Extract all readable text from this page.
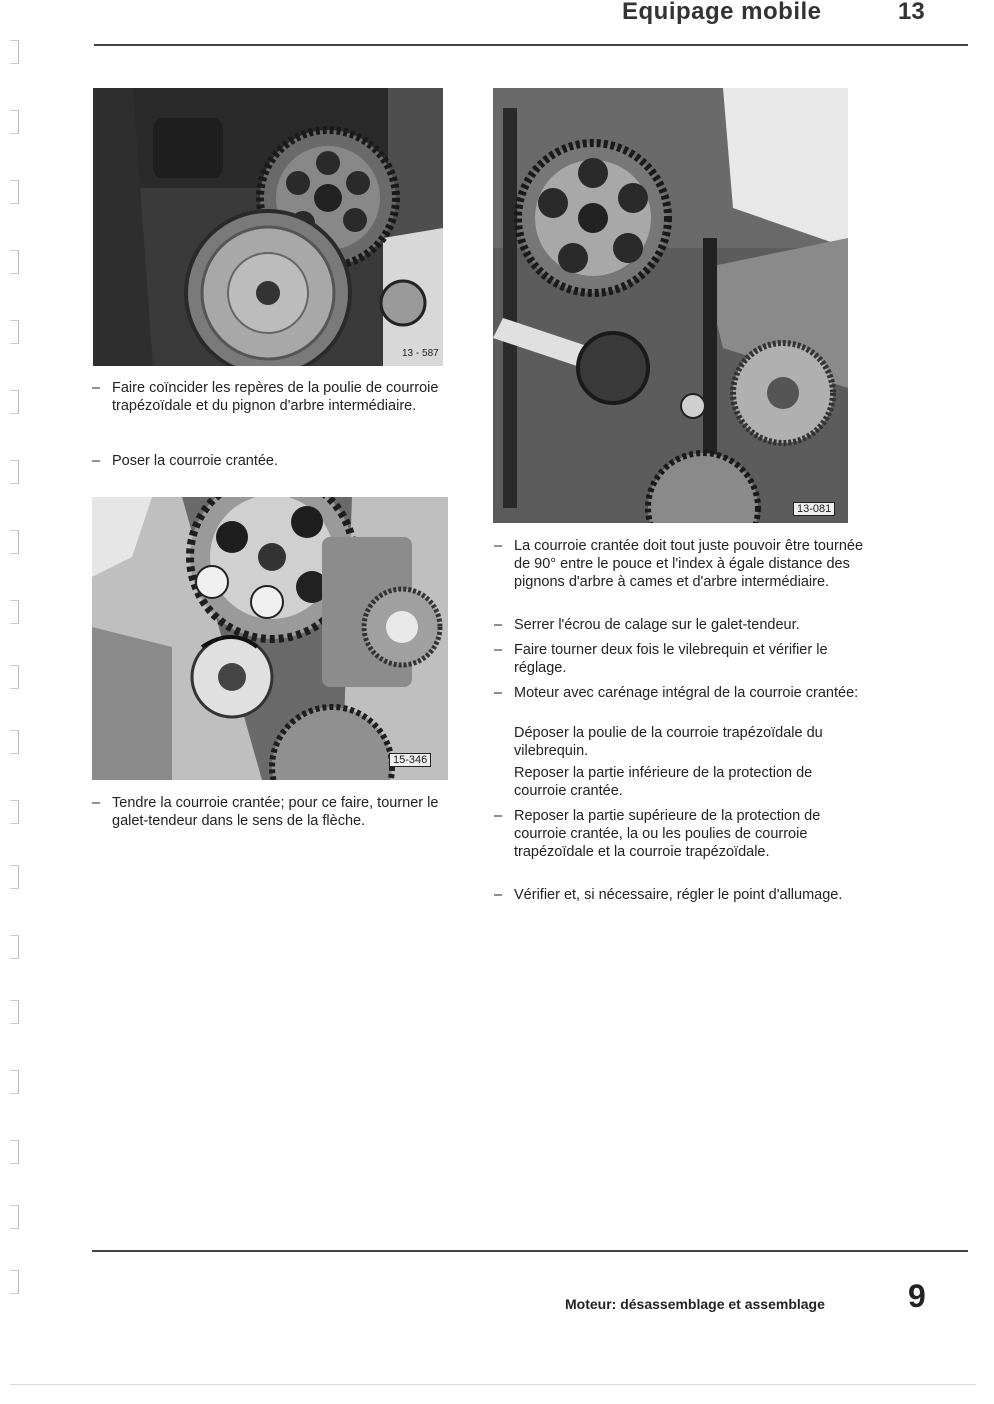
Equipage mobile	13
13 - 587
– Faire coïncider les repères de la poulie de courroie trapézoïdale et du pignon d'arbre intermédiaire.
– Poser la courroie crantée.
15-346
– Tendre la courroie crantée; pour ce faire, tourner le galet-tendeur dans le sens de la flèche.
13-081
– La courroie crantée doit tout juste pouvoir être tournée de 90° entre le pouce et l'index à égale distance des pignons d'arbre à cames et d'arbre intermédiaire.
– Serrer l'écrou de calage sur le galet-tendeur.
– Faire tourner deux fois le vilebrequin et vérifier le réglage.
– Moteur avec carénage intégral de la courroie crantée:
Déposer la poulie de la courroie trapézoïdale du vilebrequin.
Reposer la partie inférieure de la protection de courroie crantée.
– Reposer la partie supérieure de la protection de courroie crantée, la ou les poulies de courroie trapézoïdale et la courroie trapézoïdale.
– Vérifier et, si nécessaire, régler le point d'allumage.
Moteur: désassemblage et assemblage	9
